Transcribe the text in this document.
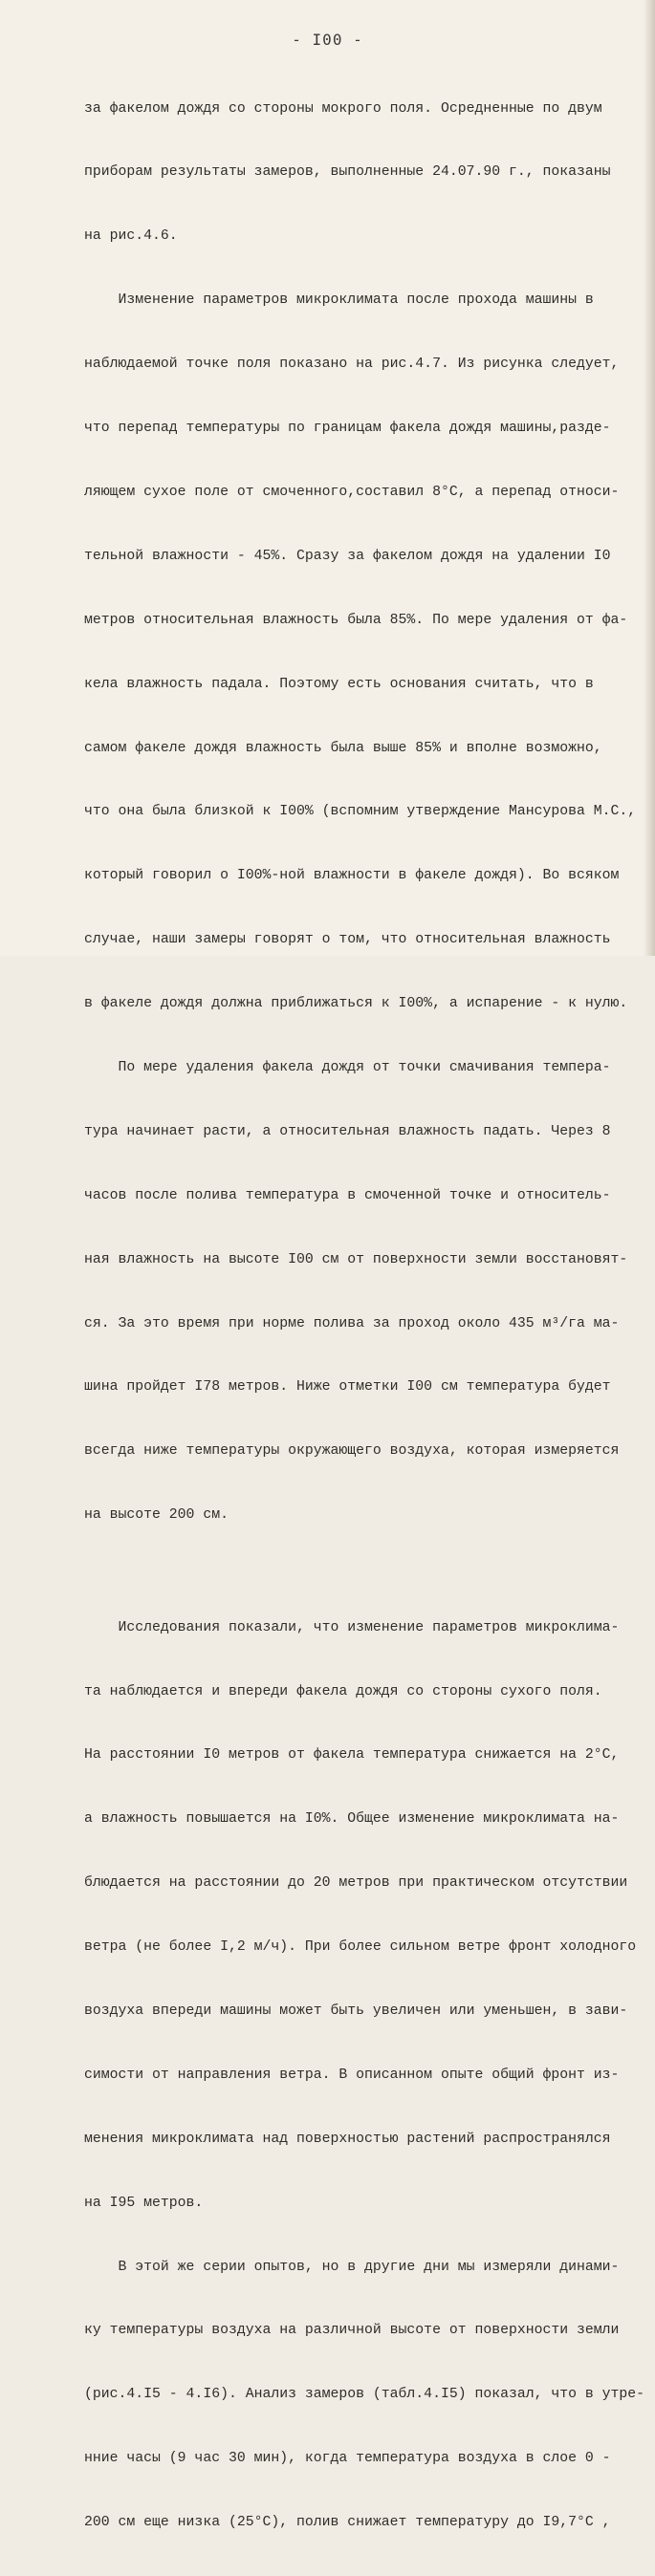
- I00 -

за факелом дождя со стороны мокрого поля. Осредненные по двум

приборам результаты замеров, выполненные 24.07.90 г., показаны

на рис.4.6.

Изменение параметров микроклимата после прохода машины в

наблюдаемой точке поля показано на рис.4.7. Из рисунка следует,

что перепад температуры по границам факела дождя машины,разде-

ляющем сухое поле от смоченного,составил 8°С, а перепад относи-

тельной влажности - 45%. Сразу за факелом дождя на удалении I0

метров относительная влажность была 85%. По мере удаления от фа-

кела влажность падала. Поэтому есть основания считать, что в

самом факеле дождя влажность была выше 85% и вполне возможно,

что она была близкой к I00% (вспомним утверждение Мансурова М.С.,

который говорил о I00%-ной влажности в факеле дождя). Во всяком

случае, наши замеры говорят о том, что относительная влажность

в факеле дождя должна приближаться к I00%, а испарение - к нулю.

По мере удаления факела дождя от точки смачивания темпера-

тура начинает расти, а относительная влажность падать. Через 8

часов после полива температура в смоченной точке и относитель-

ная влажность на высоте I00 см от поверхности земли восстановят-

ся. За это время при норме полива за проход около 435 м³/га ма-

шина пройдет I78 метров. Ниже отметки I00 см температура будет

всегда ниже температуры окружающего воздуха, которая измеряется

на высоте 200 см.

Исследования показали, что изменение параметров микроклима-

та наблюдается и впереди факела дождя со стороны сухого поля.

На расстоянии I0 метров от факела температура снижается на 2°С,

а влажность повышается на I0%. Общее изменение микроклимата на-

блюдается на расстоянии до 20 метров при практическом отсутствии

ветра (не более I,2 м/ч). При более сильном ветре фронт холодного

воздуха впереди машины может быть увеличен или уменьшен, в зави-

симости от направления ветра. В описанном опыте общий фронт из-

менения микроклимата над поверхностью растений распространялся

на I95 метров.

В этой же серии опытов, но в другие дни мы измеряли динами-

ку температуры воздуха на различной высоте от поверхности земли

(рис.4.I5 - 4.I6). Анализ замеров (табл.4.I5) показал, что в утре-

нние часы (9 час 30 мин), когда температура воздуха в слое 0 -

200 см еще низка (25°С), полив снижает температуру до I9,7°С ,
